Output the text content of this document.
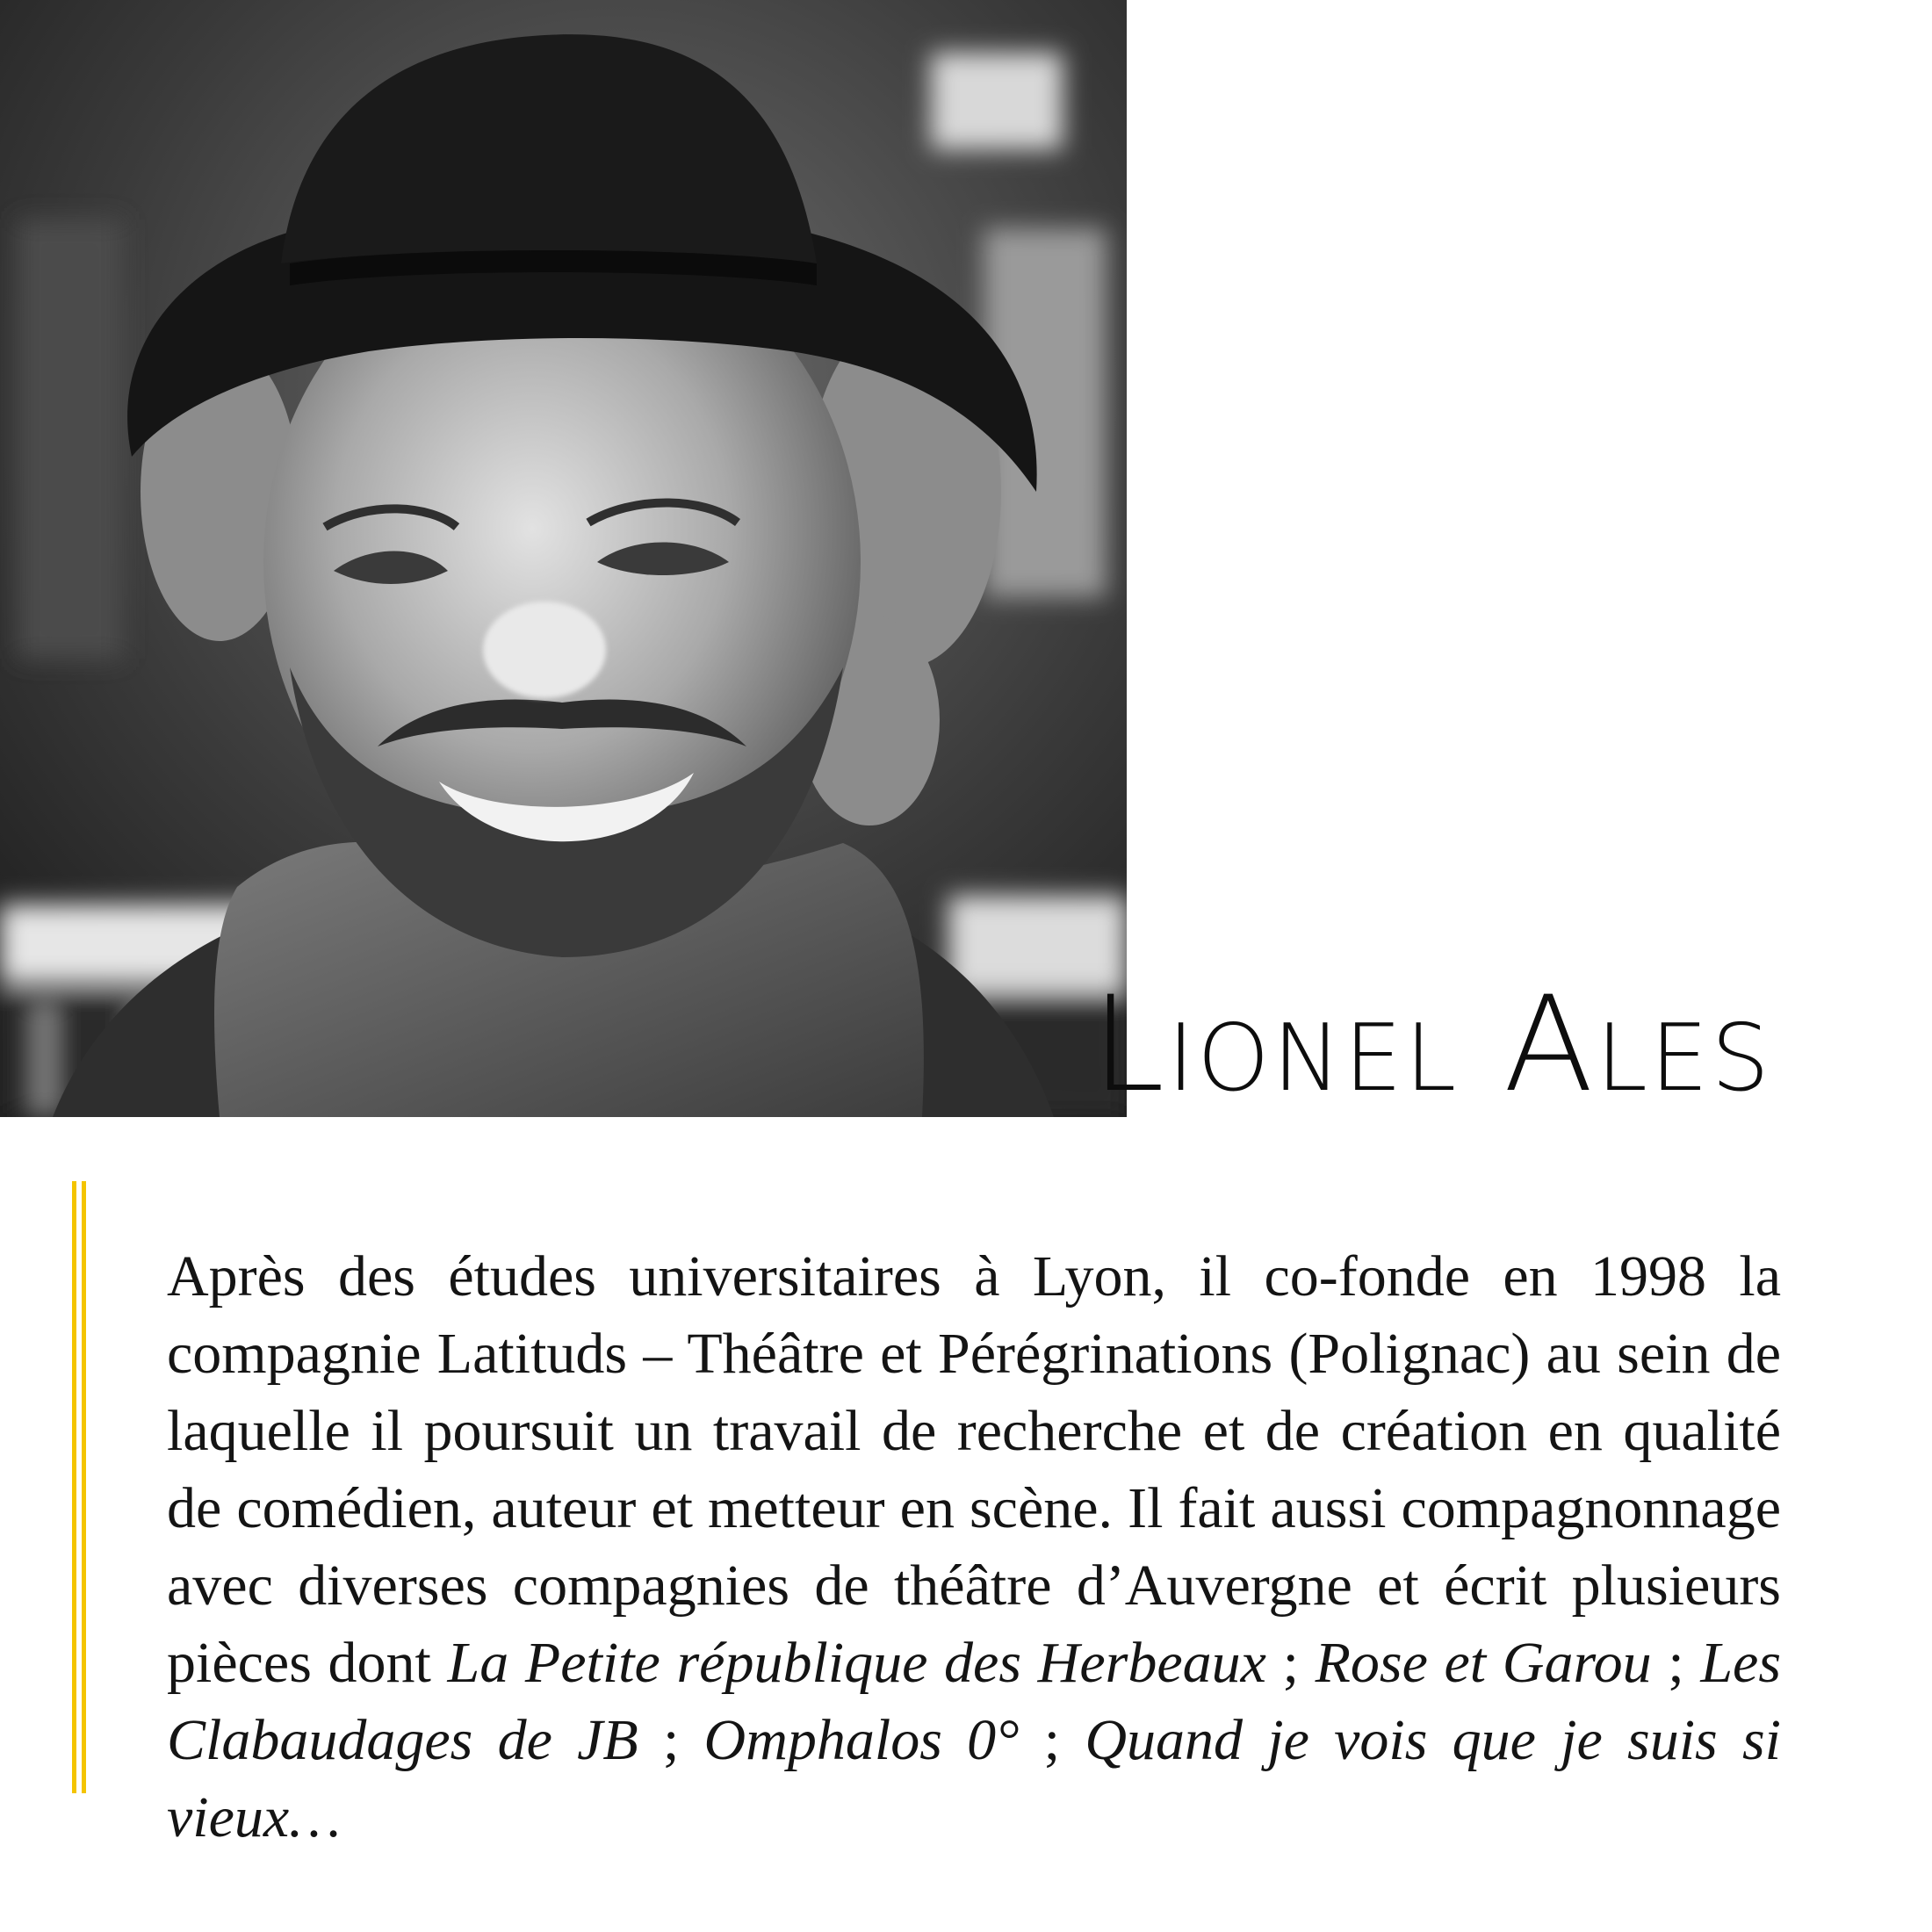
Lionel Ales

Après des études universitaires à Lyon, il co-fonde en 1998 la compagnie Latituds – Théâtre et Pérégrinations (Polignac) au sein de laquelle il poursuit un travail de recherche et de création en qualité de comédien, auteur et metteur en scène. Il fait aussi compagnonnage avec diverses compagnies de théâtre d’Auvergne et écrit plusieurs pièces dont La Petite république des Herbeaux ; Rose et Garou ; Les Clabaudages de JB ; Omphalos 0° ; Quand je vois que je suis si vieux…
